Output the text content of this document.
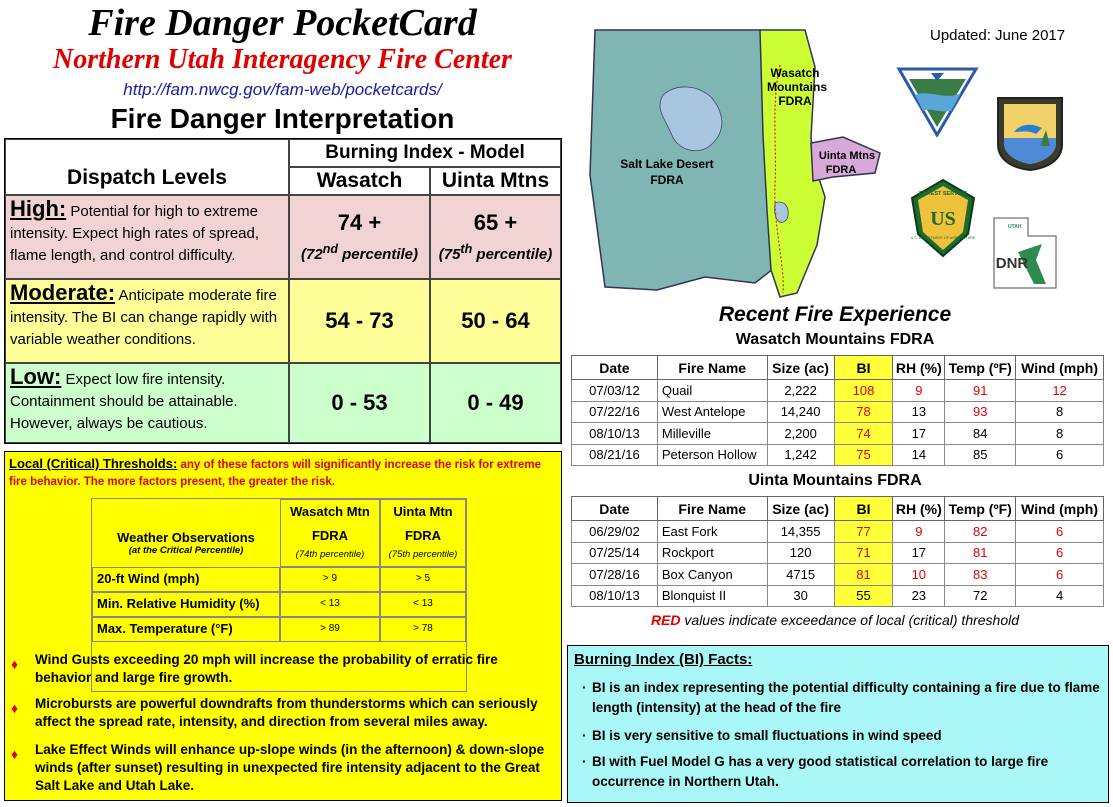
Fire Danger PocketCard
Northern Utah Interagency Fire Center
http://fam.nwcg.gov/fam-web/pocketcards/
Fire Danger Interpretation
Updated: June 2017
Dispatch Levels
Burning Index - Model
Wasatch	Uinta Mtns
High: Potential for high to extreme intensity. Expect high rates of spread, flame length, and control difficulty.
74 +
(72nd percentile)
65 +
(75th percentile)
Moderate: Anticipate moderate fire intensity. The BI can change rapidly with variable weather conditions.
54 - 73	50 - 64
Low: Expect low fire intensity. Containment should be attainable. However, always be cautious.
0 - 53	0 - 49
Local (Critical) Thresholds: any of these factors will significantly increase the risk for extreme fire behavior. The more factors present, the greater the risk.
Weather Observations
(at the Critical Percentile)
Wasatch Mtn
FDRA
(74th percentile)
Uinta Mtn
FDRA
(75th percentile)
20-ft Wind (mph)	> 9	> 5
Min. Relative Humidity (%)	< 13	< 13
Max. Temperature (°F)	> 89	> 78
♦ Wind Gusts exceeding 20 mph will increase the probability of erratic fire behavior and large fire growth.
♦ Microbursts are powerful downdrafts from thunderstorms which can seriously affect the spread rate, intensity, and direction from several miles away.
♦ Lake Effect Winds will enhance up-slope winds (in the afternoon) & down-slope winds (after sunset) resulting in unexpected fire intensity adjacent to the Great Salt Lake and Utah Lake.
Wasatch
Mountains
FDRA
Salt Lake Desert
FDRA
Uinta Mtns
FDRA
FOREST SERVICE
US
U.S. DEPARTMENT OF AGRICULTURE
DNR
UTAH
Recent Fire Experience
Wasatch Mountains FDRA
Date	Fire Name	Size (ac)	BI	RH (%)	Temp (ºF)	Wind (mph)
07/03/12	Quail	2,222	108	9	91	12
07/22/16	West Antelope	14,240	78	13	93	8
08/10/13	Milleville	2,200	74	17	84	8
08/21/16	Peterson Hollow	1,242	75	14	85	6
Uinta Mountains FDRA
Date	Fire Name	Size (ac)	BI	RH (%)	Temp (ºF)	Wind (mph)
06/29/02	East Fork	14,355	77	9	82	6
07/25/14	Rockport	120	71	17	81	6
07/28/16	Box Canyon	4715	81	10	83	6
08/10/13	Blonquist II	30	55	23	72	4
RED values indicate exceedance of local (critical) threshold
Burning Index (BI) Facts:
· BI is an index representing the potential difficulty containing a fire due to flame length (intensity) at the head of the fire
· BI is very sensitive to small fluctuations in wind speed
· BI with Fuel Model G has a very good statistical correlation to large fire occurrence in Northern Utah.
